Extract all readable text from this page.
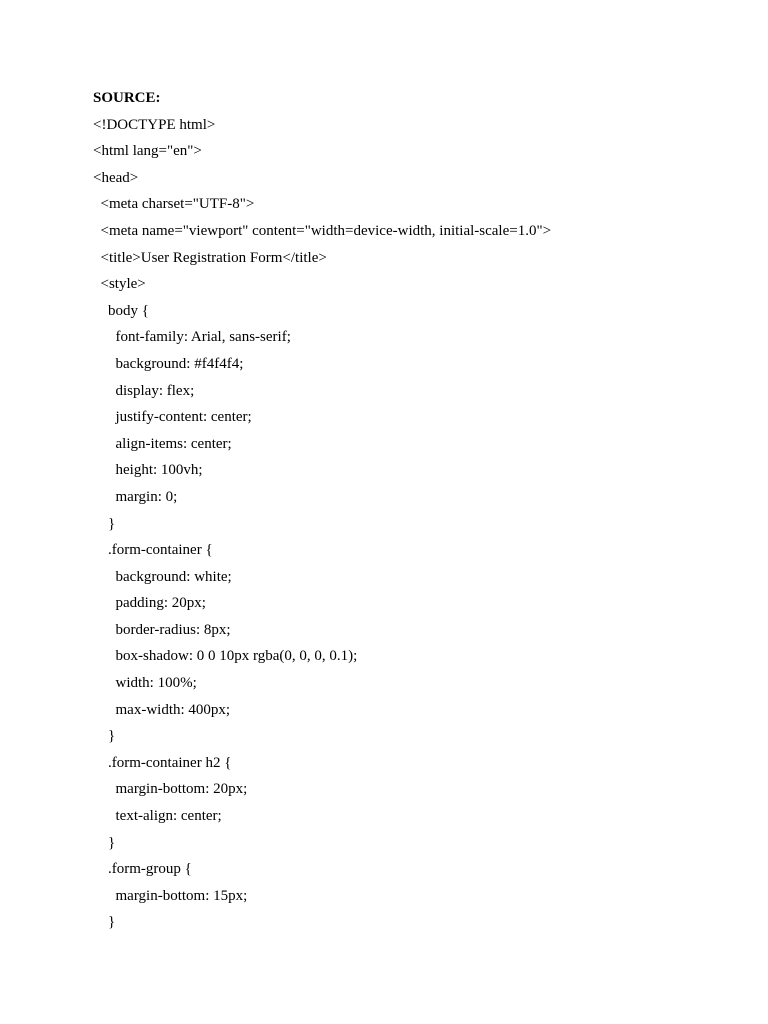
SOURCE:
<!DOCTYPE html>
<html lang="en">
<head>
<meta charset="UTF-8">
<meta name="viewport" content="width=device-width, initial-scale=1.0">
<title>User Registration Form</title>
<style>
body {
font-family: Arial, sans-serif;
background: #f4f4f4;
display: flex;
justify-content: center;
align-items: center;
height: 100vh;
margin: 0;
}
.form-container {
background: white;
padding: 20px;
border-radius: 8px;
box-shadow: 0 0 10px rgba(0, 0, 0, 0.1);
width: 100%;
max-width: 400px;
}
.form-container h2 {
margin-bottom: 20px;
text-align: center;
}
.form-group {
margin-bottom: 15px;
}
